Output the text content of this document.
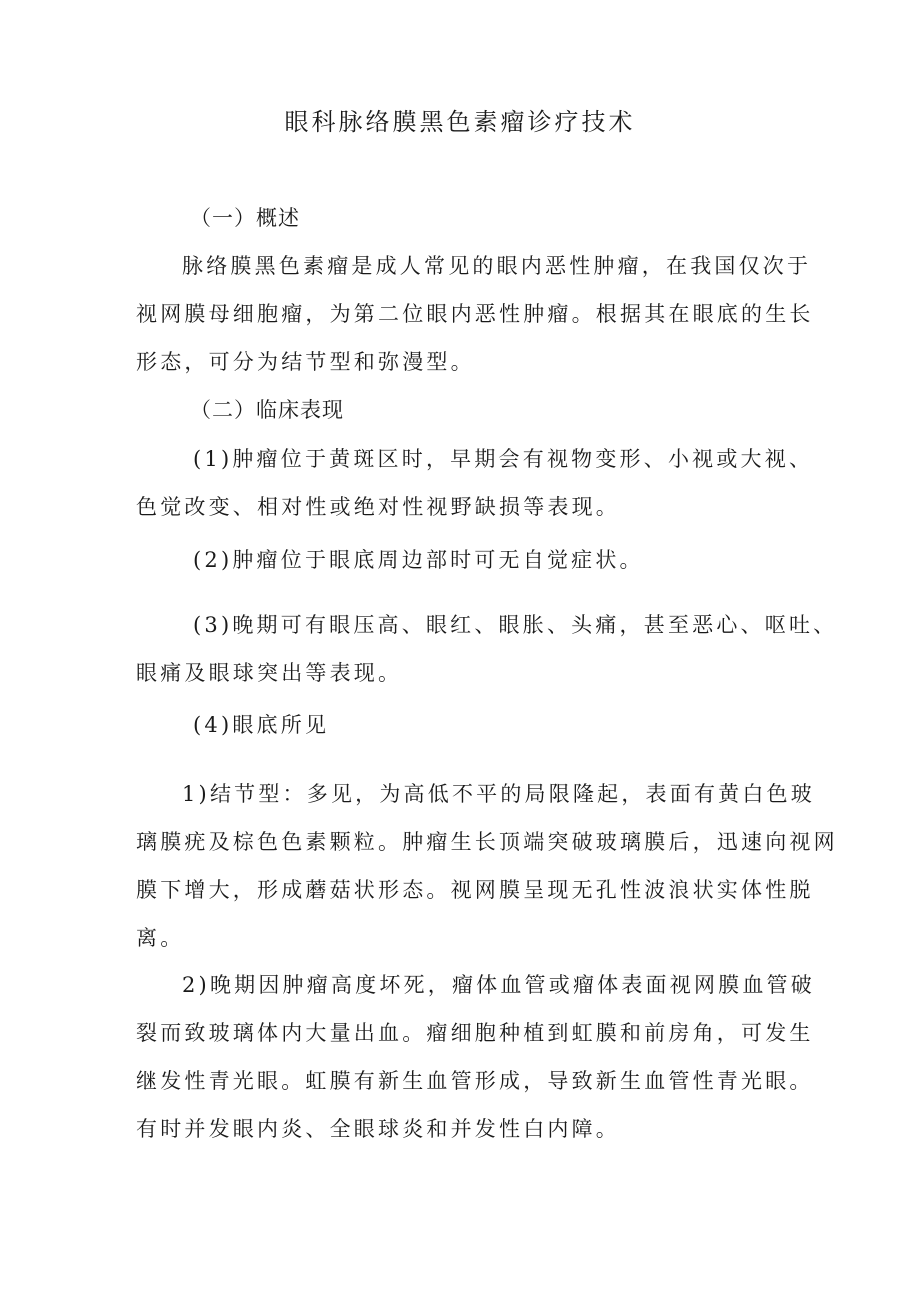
眼科脉络膜黑色素瘤诊疗技术
（一）概述
脉络膜黑色素瘤是成人常见的眼内恶性肿瘤，在我国仅次于
视网膜母细胞瘤，为第二位眼内恶性肿瘤。根据其在眼底的生长
形态，可分为结节型和弥漫型。
（二）临床表现
(1)肿瘤位于黄斑区时，早期会有视物变形、小视或大视、
色觉改变、相对性或绝对性视野缺损等表现。
(2)肿瘤位于眼底周边部时可无自觉症状。
(3)晚期可有眼压高、眼红、眼胀、头痛，甚至恶心、呕吐、
眼痛及眼球突出等表现。
(4)眼底所见
1)结节型：多见，为高低不平的局限隆起，表面有黄白色玻
璃膜疣及棕色色素颗粒。肿瘤生长顶端突破玻璃膜后，迅速向视网
膜下增大，形成蘑菇状形态。视网膜呈现无孔性波浪状实体性脱
离。
2)晚期因肿瘤高度坏死，瘤体血管或瘤体表面视网膜血管破
裂而致玻璃体内大量出血。瘤细胞种植到虹膜和前房角，可发生
继发性青光眼。虹膜有新生血管形成，导致新生血管性青光眼。
有时并发眼内炎、全眼球炎和并发性白内障。
